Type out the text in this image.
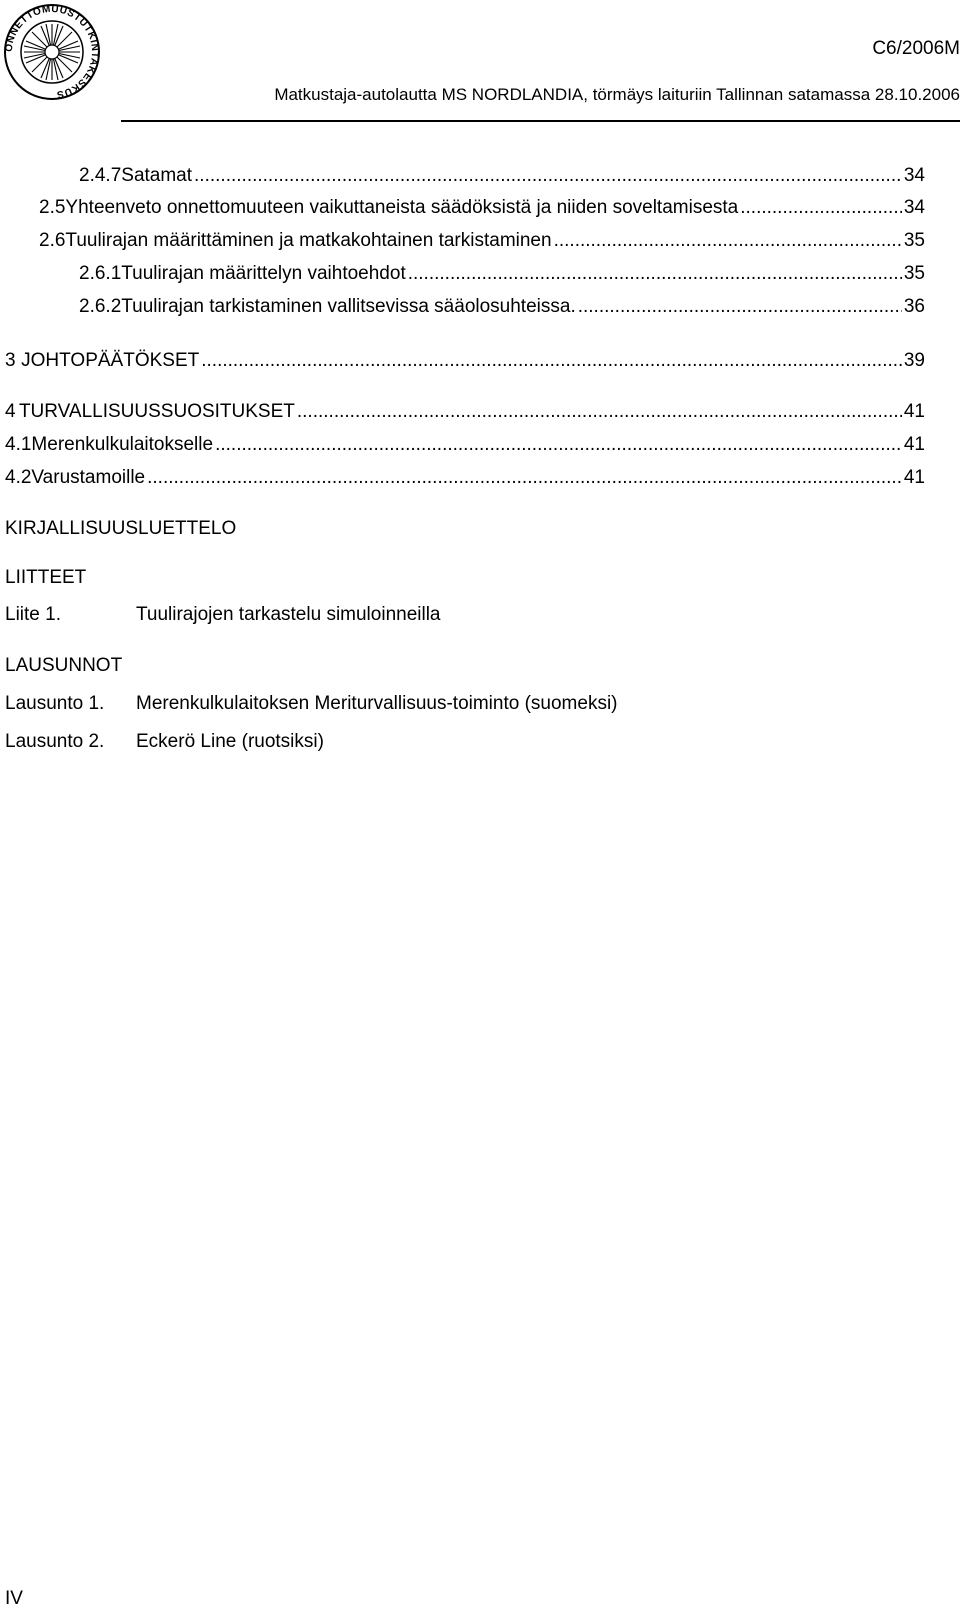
ONNETTOMUUSTUTKINTAKESKUS
C6/2006M
Matkustaja-autolautta MS NORDLANDIA, törmäys laituriin Tallinnan satamassa 28.10.2006
2.4.7 Satamat .....	34
2.5 Yhteenveto onnettomuuteen vaikuttaneista säädöksistä ja niiden soveltamisesta .....	34
2.6 Tuulirajan määrittäminen ja matkakohtainen tarkistaminen .....	35
2.6.1 Tuulirajan määrittelyn vaihtoehdot .....	35
2.6.2 Tuulirajan tarkistaminen vallitsevissa sääolosuhteissa. .....	36
3 JOHTOPÄÄTÖKSET .....	39
4 TURVALLISUUSSUOSITUKSET .....	41
4.1 Merenkulkulaitokselle .....	41
4.2 Varustamoille .....	41
KIRJALLISUUSLUETTELO
LIITTEET
Liite 1.	Tuulirajojen tarkastelu simuloinneilla
LAUSUNNOT
Lausunto 1. Merenkulkulaitoksen Meriturvallisuus-toiminto (suomeksi)
Lausunto 2. Eckerö Line (ruotsiksi)
IV
